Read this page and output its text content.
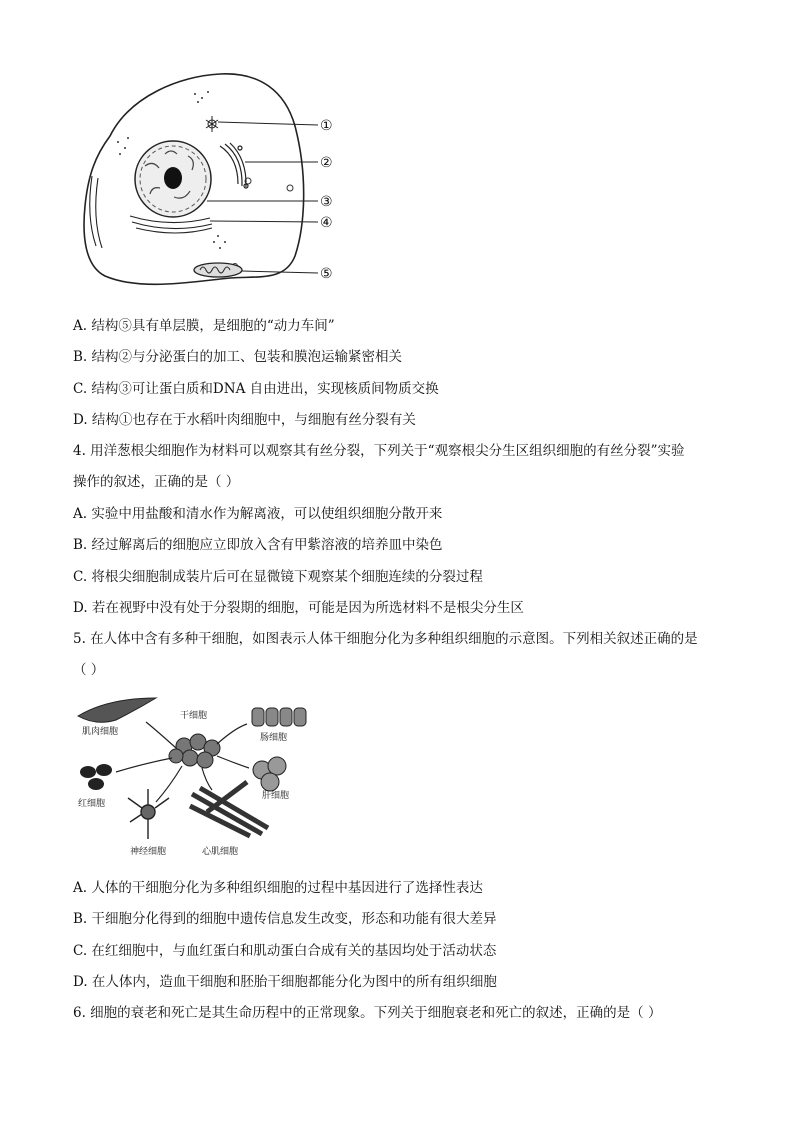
①
②
③
④
⑤
A. 结构⑤具有单层膜，是细胞的“动力车间”
B. 结构②与分泌蛋白的加工、包装和膜泡运输紧密相关
C. 结构③可让蛋白质和DNA 自由进出，实现核质间物质交换
D. 结构①也存在于水稻叶肉细胞中，与细胞有丝分裂有关
4. 用洋葱根尖细胞作为材料可以观察其有丝分裂，下列关于“观察根尖分生区组织细胞的有丝分裂”实验
操作的叙述，正确的是（ ）
A. 实验中用盐酸和清水作为解离液，可以使组织细胞分散开来
B. 经过解离后的细胞应立即放入含有甲紫溶液的培养皿中染色
C. 将根尖细胞制成装片后可在显微镜下观察某个细胞连续的分裂过程
D. 若在视野中没有处于分裂期的细胞，可能是因为所选材料不是根尖分生区
5. 在人体中含有多种干细胞，如图表示人体干细胞分化为多种组织细胞的示意图。下列相关叙述正确的是
（ ）
肌肉细胞
干细胞
肠细胞
红细胞
肝细胞
神经细胞	心肌细胞
A. 人体的干细胞分化为多种组织细胞的过程中基因进行了选择性表达
B. 干细胞分化得到的细胞中遗传信息发生改变，形态和功能有很大差异
C. 在红细胞中，与血红蛋白和肌动蛋白合成有关的基因均处于活动状态
D. 在人体内，造血干细胞和胚胎干细胞都能分化为图中的所有组织细胞
6. 细胞的衰老和死亡是其生命历程中的正常现象。下列关于细胞衰老和死亡的叙述，正确的是（ ）
